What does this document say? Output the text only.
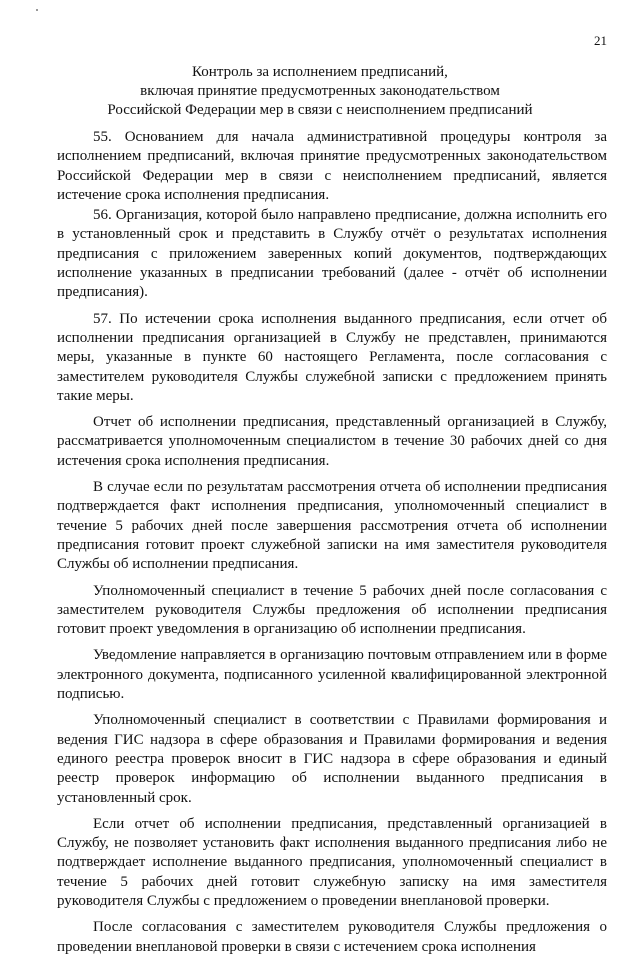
21
Контроль за исполнением предписаний,
включая принятие предусмотренных законодательством
Российской Федерации мер в связи с неисполнением предписаний

55. Основанием для начала административной процедуры контроля за исполнением предписаний, включая принятие предусмотренных законодательством Российской Федерации мер в связи с неисполнением предписаний, является истечение срока исполнения предписания.

56. Организация, которой было направлено предписание, должна исполнить его в установленный срок и представить в Службу отчёт о результатах исполнения предписания с приложением заверенных копий документов, подтверждающих исполнение указанных в предписании требований (далее - отчёт об исполнении предписания).

57. По истечении срока исполнения выданного предписания, если отчет об исполнении предписания организацией в Службу не представлен, принимаются меры, указанные в пункте 60 настоящего Регламента, после согласования с заместителем руководителя Службы служебной записки с предложением принять такие меры.

Отчет об исполнении предписания, представленный организацией в Службу, рассматривается уполномоченным специалистом в течение 30 рабочих дней со дня истечения срока исполнения предписания.

В случае если по результатам рассмотрения отчета об исполнении предписания подтверждается факт исполнения предписания, уполномоченный специалист в течение 5 рабочих дней после завершения рассмотрения отчета об исполнении предписания готовит проект служебной записки на имя заместителя руководителя Службы об исполнении предписания.

Уполномоченный специалист в течение 5 рабочих дней после согласования с заместителем руководителя Службы предложения об исполнении предписания готовит проект уведомления в организацию об исполнении предписания.

Уведомление направляется в организацию почтовым отправлением или в форме электронного документа, подписанного усиленной квалифицированной электронной подписью.

Уполномоченный специалист в соответствии с Правилами формирования и ведения ГИС надзора в сфере образования и Правилами формирования и ведения единого реестра проверок вносит в ГИС надзора в сфере образования и единый реестр проверок информацию об исполнении выданного предписания в установленный срок.

Если отчет об исполнении предписания, представленный организацией в Службу, не позволяет установить факт исполнения выданного предписания либо не подтверждает исполнение выданного предписания, уполномоченный специалист в течение 5 рабочих дней готовит служебную записку на имя заместителя руководителя Службы с предложением о проведении внеплановой проверки.

После согласования с заместителем руководителя Службы предложения о проведении внеплановой проверки в связи с истечением срока исполнения
